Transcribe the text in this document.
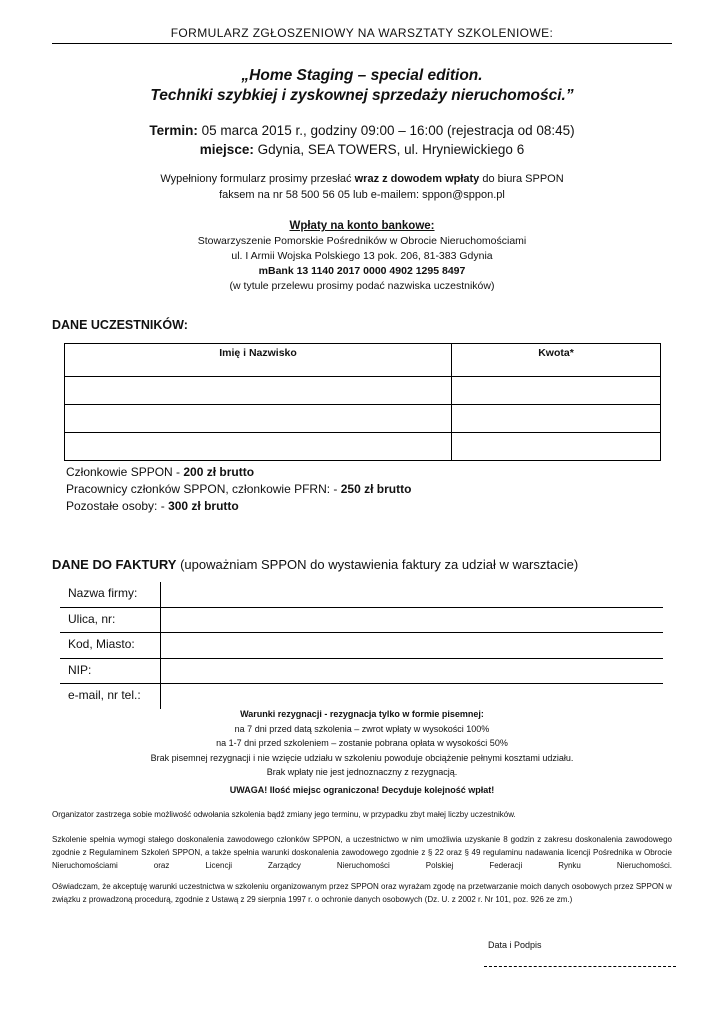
FORMULARZ ZGŁOSZENIOWY NA WARSZTATY SZKOLENIOWE:
„Home Staging – special edition.
Techniki szybkiej i zyskownej sprzedaży nieruchomości.”
Termin: 05 marca 2015 r., godziny 09:00 – 16:00 (rejestracja od 08:45)
miejsce: Gdynia, SEA TOWERS, ul. Hryniewickiego 6
Wypełniony formularz prosimy przesłać wraz z dowodem wpłaty do biura SPPON
faksem na nr 58 500 56 05 lub e-mailem: sppon@sppon.pl
Wpłaty na konto bankowe:
Stowarzyszenie Pomorskie Pośredników w Obrocie Nieruchomościami
ul. I Armii Wojska Polskiego 13 pok. 206, 81-383 Gdynia
mBank 13 1140 2017 0000 4902 1295 8497
(w tytule przelewu prosimy podać nazwiska uczestników)
DANE UCZESTNIKÓW:
Imię i Nazwisko	Kwota*

Członkowie SPPON - 200 zł brutto
Pracownicy członków SPPON, członkowie PFRN: - 250 zł brutto
Pozostałe osoby: - 300 zł brutto
DANE DO FAKTURY (upoważniam SPPON do wystawienia faktury za udział w warsztacie)
Nazwa firmy:
Ulica, nr:
Kod, Miasto:
NIP:
e-mail, nr tel.:
Warunki rezygnacji - rezygnacja tylko w formie pisemnej:
na 7 dni przed datą szkolenia – zwrot wpłaty w wysokości 100%
na 1-7 dni przed szkoleniem – zostanie pobrana opłata w wysokości 50%
Brak pisemnej rezygnacji i nie wzięcie udziału w szkoleniu powoduje obciążenie pełnymi kosztami udziału.
Brak wpłaty nie jest jednoznaczny z rezygnacją.
UWAGA! Ilość miejsc ograniczona! Decyduje kolejność wpłat!
Organizator zastrzega sobie możliwość odwołania szkolenia bądź zmiany jego terminu, w przypadku zbyt małej liczby uczestników.
Szkolenie spełnia wymogi stałego doskonalenia zawodowego członków SPPON, a uczestnictwo w nim umożliwia uzyskanie 8 godzin z zakresu doskonalenia zawodowego zgodnie z Regulaminem Szkoleń SPPON, a także spełnia warunki doskonalenia zawodowego zgodnie z § 22 oraz § 49 regulaminu nadawania licencji Pośrednika w Obrocie Nieruchomościami oraz Licencji Zarządcy Nieruchomości Polskiej Federacji Rynku Nieruchomości.
Oświadczam, że akceptuję warunki uczestnictwa w szkoleniu organizowanym przez SPPON oraz wyrażam zgodę na przetwarzanie moich danych osobowych przez SPPON w związku z prowadzoną procedurą, zgodnie z Ustawą z 29 sierpnia 1997 r. o ochronie danych osobowych (Dz. U. z 2002 r. Nr 101, poz. 926 ze zm.)
Data i Podpis
